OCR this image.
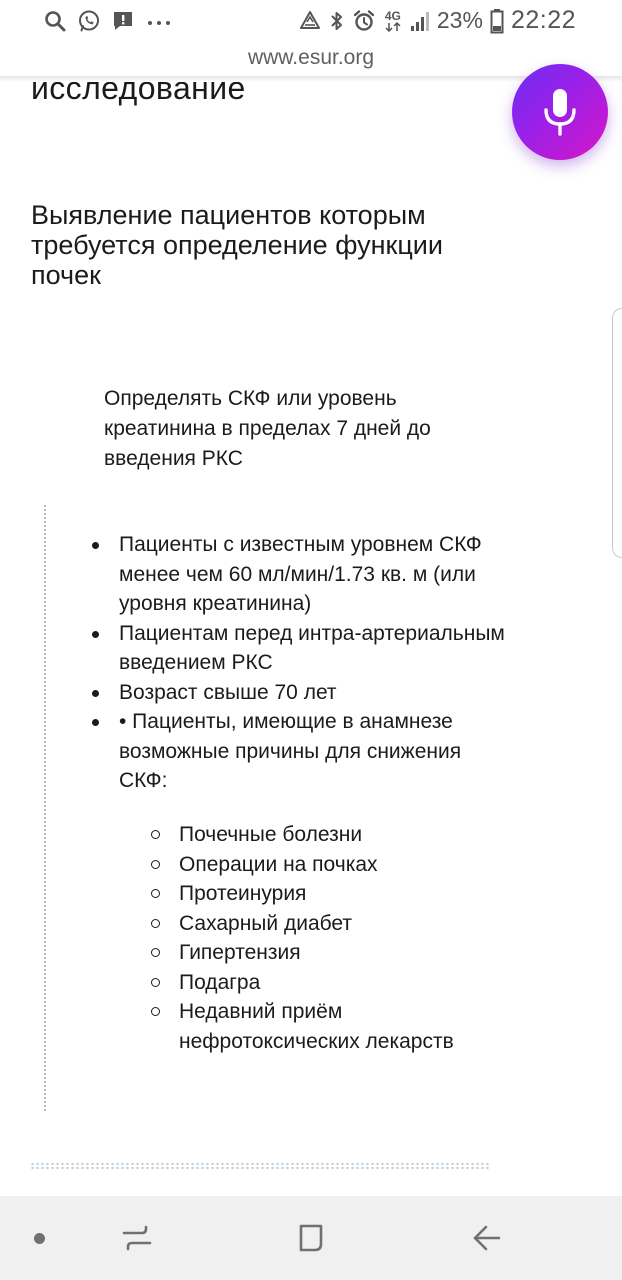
4G 23% 22:22
www.esur.org
исследование
Выявление пациентов которым требуется определение функции почек
Определять СКФ или уровень креатинина в пределах 7 дней до введения РКС
Пациенты с известным уровнем СКФ менее чем 60 мл/мин/1.73 кв. м (или уровня креатинина)
Пациентам перед интра-артериальным введением РКС
Возраст свыше 70 лет
• Пациенты, имеющие в анамнезе возможные причины для снижения СКФ:
Почечные болезни
Операции на почках
Протеинурия
Сахарный диабет
Гипертензия
Подагра
Недавний приём нефротоксических лекарств
